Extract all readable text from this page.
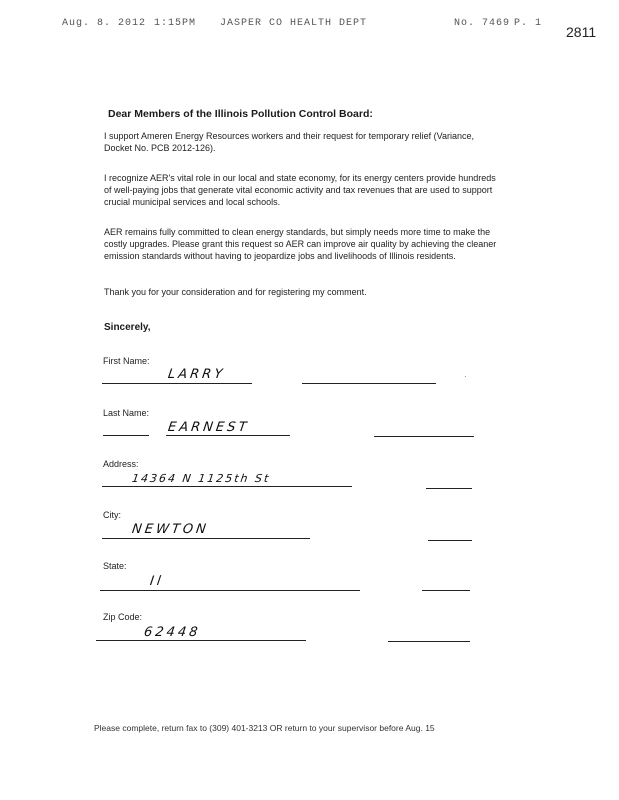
Aug. 8. 2012

1:15PM

JASPER CO HEALTH DEPT

	No. 7469

P. 1

2811
Dear Members of the Illinois Pollution Control Board:
I support Ameren Energy Resources workers and their request for temporary relief (Variance, Docket No. PCB 2012-126).
I recognize AER's vital role in our local and state economy, for its energy centers provide hundreds of well-paying jobs that generate vital economic activity and tax revenues that are used to support crucial municipal services and local schools.
AER remains fully committed to clean energy standards, but simply needs more time to make the costly upgrades. Please grant this request so AER can improve air quality by achieving the cleaner emission standards without having to jeopardize jobs and livelihoods of Illinois residents.
Thank you for your consideration and for registering my comment.
Sincerely,
First Name:
LARRY	·
Last Name:
EARNEST
Address:
14364 N 1125th St
City:
NEWTON
State:
Il
Zip Code:
62448
Please complete, return fax to (309) 401-3213 OR return to your supervisor before Aug. 15
